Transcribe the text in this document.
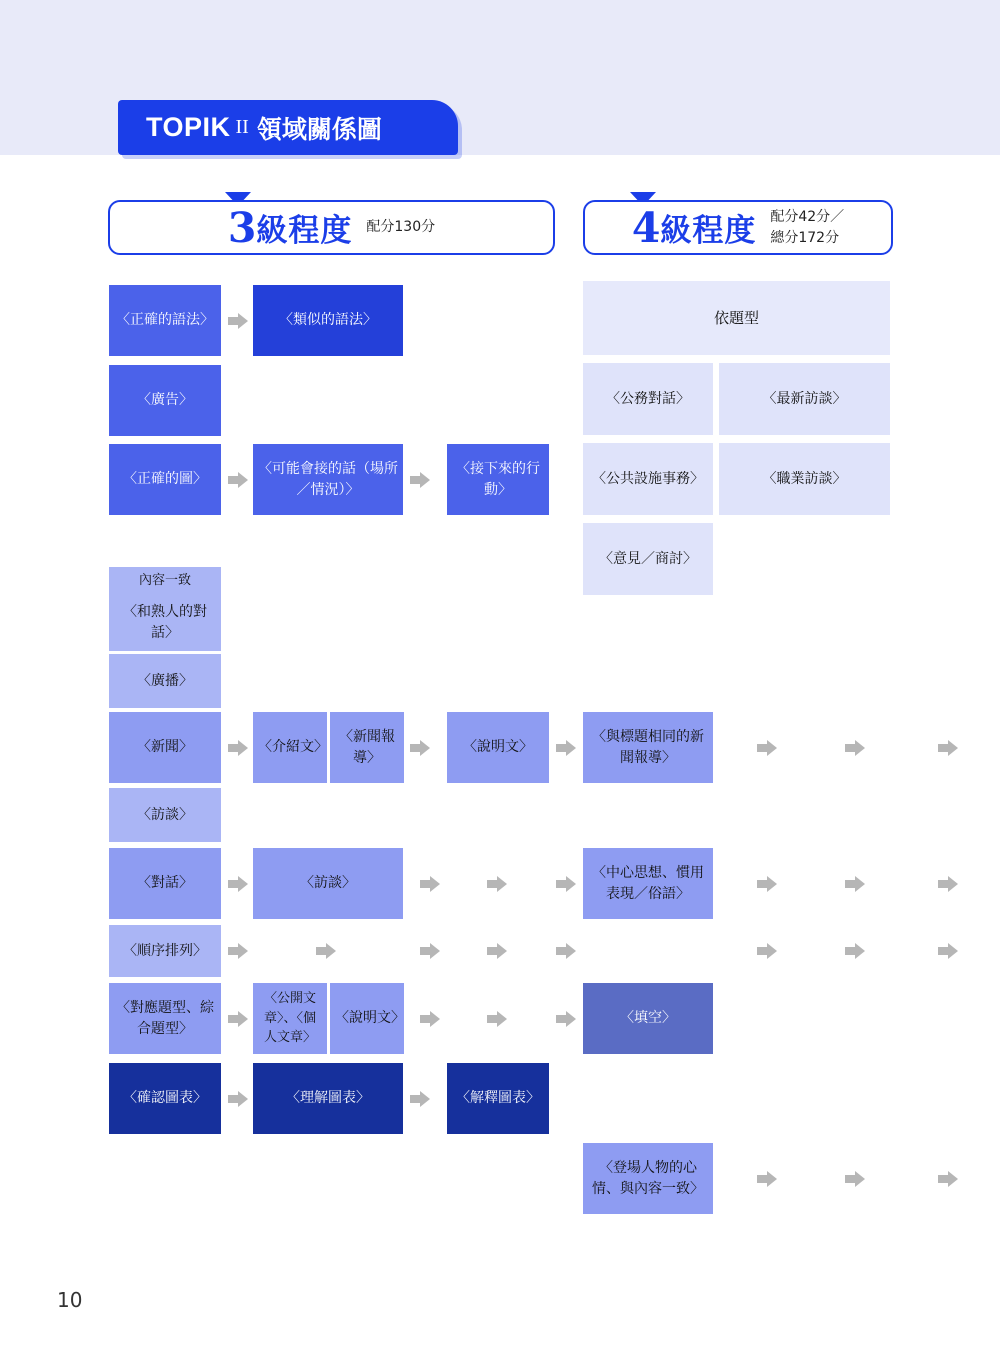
TOPIK II 領域關係圖
3 級程度 配分130分	4 級程度 配分42分／
總分172分
依題型
〈公務對話〉	〈最新訪談〉
〈公共設施事務〉	〈職業訪談〉
〈意見／商討〉
〈正確的語法〉	〈類似的語法〉
〈廣告〉
〈正確的圖〉
〈可能會接的話（場所／情況）〉
〈接下來的行動〉
內容一致
〈和熟人的對話〉
〈廣播〉
〈新聞〉
〈訪談〉
〈對話〉
〈順序排列〉
〈對應題型、綜合題型〉
〈確認圖表〉
〈介紹文〉
〈新聞報導〉
〈說明文〉
〈與標題相同的新聞報導〉
〈訪談〉
〈中心思想、慣用表現／俗語〉
〈公開文章〉、〈個人文章〉
〈說明文〉	〈填空〉
〈理解圖表〉	〈解釋圖表〉
〈登場人物的心情、與內容一致〉
10
